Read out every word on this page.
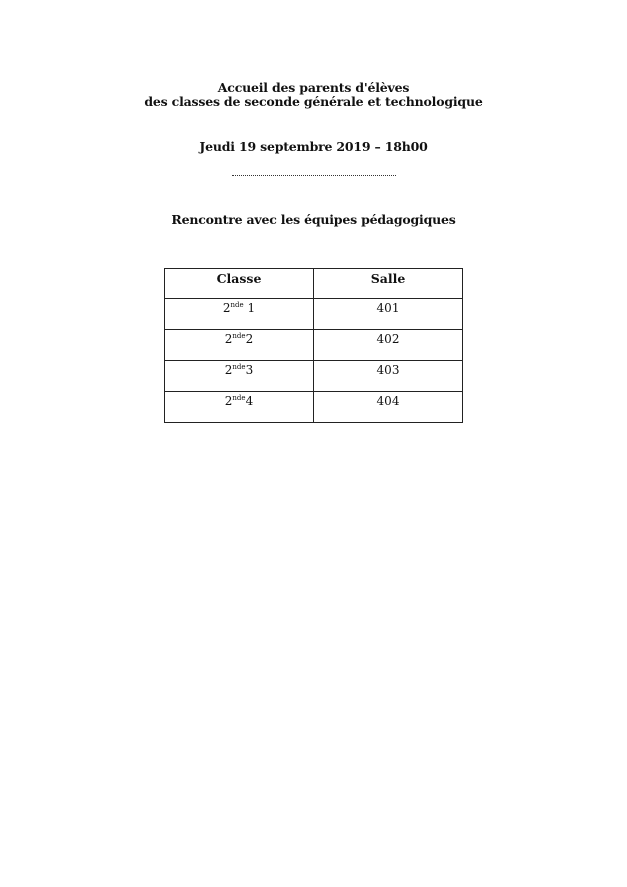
Accueil des parents d'élèves
des classes de seconde générale et technologique
Jeudi 19 septembre 2019 – 18h00
Rencontre avec les équipes pédagogiques
Classe	Salle
2nde 1	401
2nde2	402
2nde3	403
2nde4	404
